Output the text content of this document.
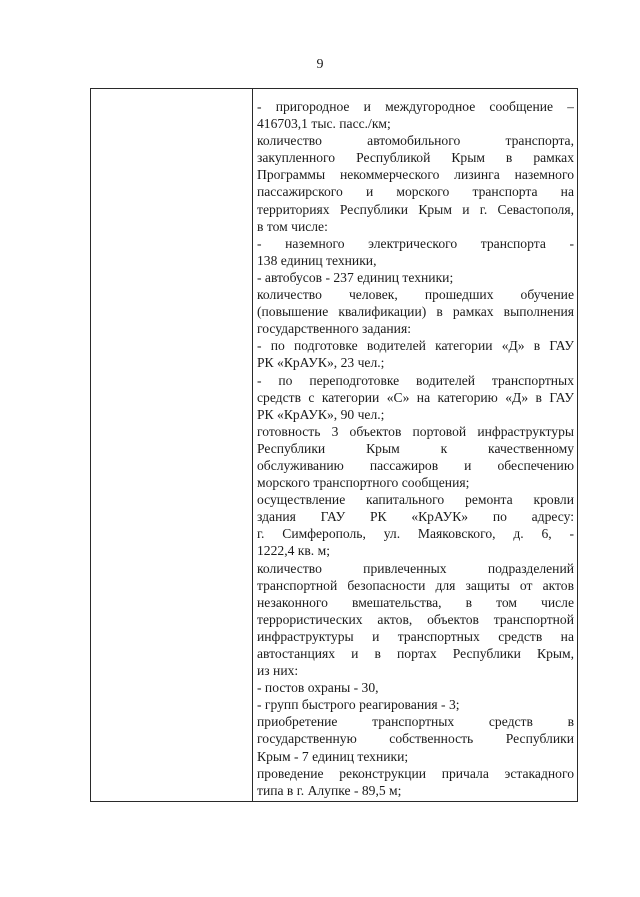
9
- пригородное и междугородное сообщение –
416703,1 тыс. пасс./км;
количество автомобильного транспорта,
закупленного Республикой Крым в рамках
Программы некоммерческого лизинга наземного
пассажирского и морского транспорта на
территориях Республики Крым и г. Севастополя,
в том числе:
- наземного электрического транспорта -
138 единиц техники,
- автобусов - 237 единиц техники;
количество человек, прошедших обучение
(повышение квалификации) в рамках выполнения
государственного задания:
- по подготовке водителей категории «Д» в ГАУ
РК «КрАУК», 23 чел.;
- по переподготовке водителей транспортных
средств с категории «С» на категорию «Д» в ГАУ
РК «КрАУК», 90 чел.;
готовность 3 объектов портовой инфраструктуры
Республики Крым к качественному
обслуживанию пассажиров и обеспечению
морского транспортного сообщения;
осуществление капитального ремонта кровли
здания ГАУ РК «КрАУК» по адресу:
г. Симферополь, ул. Маяковского, д. 6, -
1222,4 кв. м;
количество привлеченных подразделений
транспортной безопасности для защиты от актов
незаконного вмешательства, в том числе
террористических актов, объектов транспортной
инфраструктуры и транспортных средств на
автостанциях и в портах Республики Крым,
из них:
- постов охраны - 30,
- групп быстрого реагирования - 3;
приобретение транспортных средств в
государственную собственность Республики
Крым - 7 единиц техники;
проведение реконструкции причала эстакадного
типа в г. Алупке - 89,5 м;
